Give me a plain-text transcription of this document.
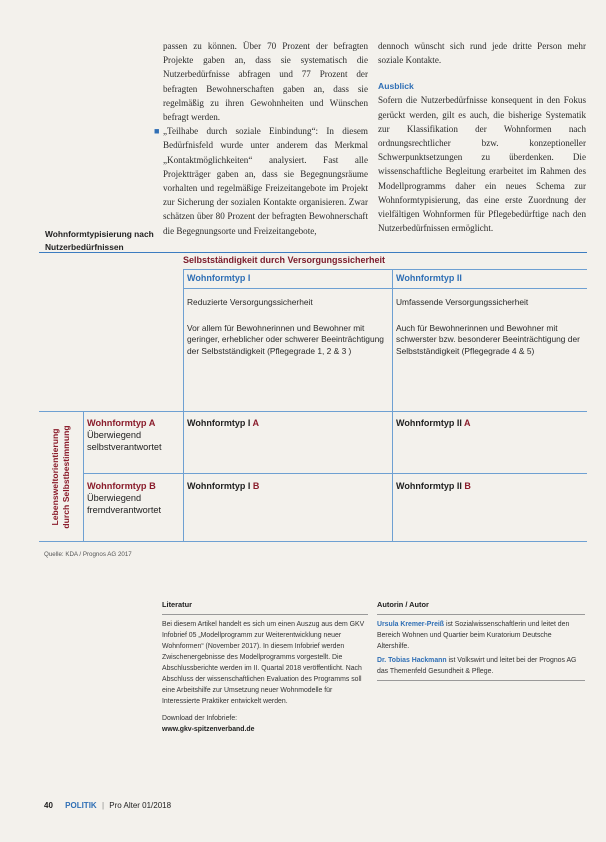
passen zu können. Über 70 Prozent der befragten Projekte gaben an, dass sie systematisch die Nutzerbedürfnisse abfragen und 77 Prozent der befragten Bewohnerschaften gaben an, dass sie regelmäßig zu ihren Gewohnheiten und Wünschen befragt werden.

■ „Teilhabe durch soziale Einbindung“: In diesem Bedürfnisfeld wurde unter anderem das Merkmal „Kontaktmöglichkeiten“ analysiert. Fast alle Projektträger gaben an, dass sie Begegnungsräume vorhalten und regelmäßige Freizeitangebote im Projekt zur Sicherung der sozialen Kontakte organisieren. Zwar schätzen über 80 Prozent der befragten Bewohnerschaft die Begegnungsorte und Freizeitangebote,

dennoch wünscht sich rund jede dritte Person mehr soziale Kontakte.

Ausblick

Sofern die Nutzerbedürfnisse konsequent in den Fokus gerückt werden, gilt es auch, die bisherige Systematik zur Klassifikation der Wohnformen nach ordnungsrechtlicher bzw. konzeptioneller Schwerpunktsetzungen zu überdenken. Die wissenschaftliche Begleitung erarbeitet im Rahmen des Modellprogramms daher ein neues Schema zur Wohnformtypisierung, das eine erste Zuordnung der vielfältigen Wohnformen für Pflegebedürftige nach den Nutzerbedürfnissen ermöglicht.

Wohnformtypisierung nach Nutzerbedürfnissen
Selbstständigkeit durch Versorgungssicherheit
Wohnformtyp I	Wohnformtyp II
Reduzierte Versorgungssicherheit	Umfassende Versorgungssicherheit
Vor allem für Bewohnerinnen und Bewohner mit geringer, erheblicher oder schwerer Beeinträchtigung der Selbstständigkeit (Pflegegrade 1, 2 & 3 )
Auch für Bewohnerinnen und Bewohner mit schwerster bzw. besonderer Beeinträchtigung der Selbstständigkeit (Pflegegrade 4 & 5)
Lebensweltorientierung durch Selbstbestimmung
Wohnformtyp A
Überwiegend
selbstverantwortet
Wohnformtyp I A	Wohnformtyp II A
Wohnformtyp B
Überwiegend
fremdverantwortet
Wohnformtyp I B	Wohnformtyp II B
Quelle: KDA / Prognos AG 2017
Literatur

Bei diesem Artikel handelt es sich um einen Auszug aus dem GKV Infobrief 05 „Modellprogramm zur Weiterentwicklung neuer Wohnformen“ (November 2017). In diesem Infobrief werden Zwischenergebnisse des Modellprogramms vorgestellt. Die Abschlussberichte werden im II. Quartal 2018 veröffentlicht. Nach Abschluss der wissenschaftlichen Evaluation des Programms soll eine Arbeitshilfe zur Umsetzung neuer Wohnmodelle für Interessierte Praktiker entwickelt werden.

Download der Infobriefe:

www.gkv-spitzenverband.de

Autorin / Autor

Ursula Kremer-Preiß ist Sozialwissenschaftlerin und leitet den Bereich Wohnen und Quartier beim Kuratorium Deutsche Altershilfe.

Dr. Tobias Hackmann ist Volkswirt und leitet bei der Prognos AG das Themenfeld Gesundheit & Pflege.

40 POLITIK | Pro Alter 01/2018
